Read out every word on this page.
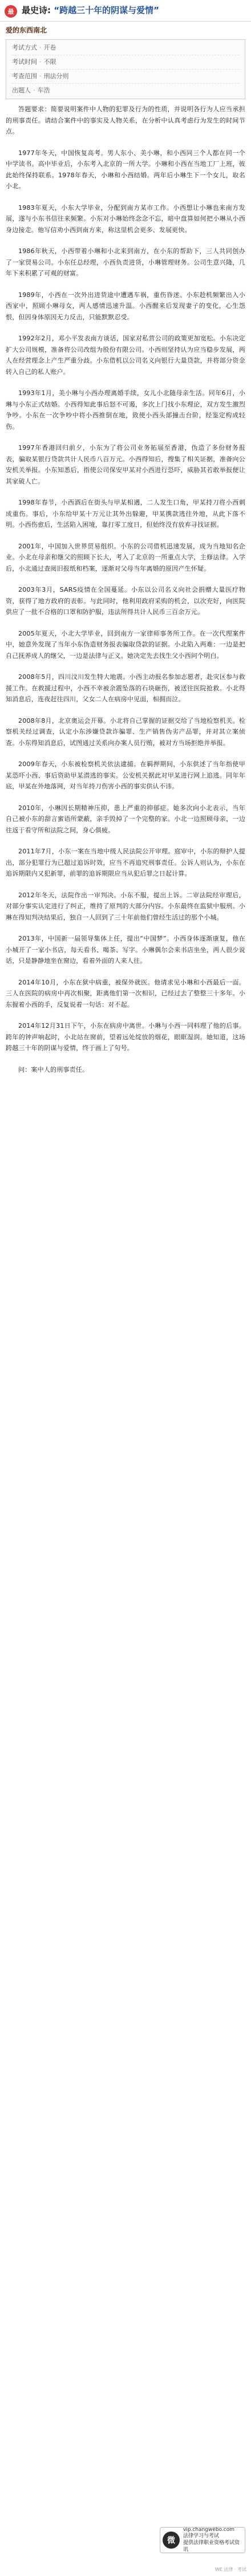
最 最史诗: “跨越三十年的阴谋与爱情”
爱的东西南北
考试方式 · 开卷
考试时间 · 不限
考查范围 · 刑法分则
出题人 · 车浩

答题要求：简要说明案件中人物的犯罪及行为的性质，并说明各行为人应当承担的刑事责任。请结合案件中的事实及人物关系，在分析中认真考虑行为发生的时间节点。

1977年冬天，中国恢复高考。男人东小、美小琳，和小西同三个人都在同一个中学读书。高中毕业后，小东考入北京的一所大学。小琳和小西在当地工厂上班，彼此始终保持联系。1978年春天，小琳和小西结婚。两年后小琳生下一个女儿，取名小北。

1983年夏天，小东大学毕业，分配到南方某市工作。小西想让小琳也来南方发展，遂与小东书信往来频繁。小东对小琳始终念念不忘，暗中盘算如何把小琳从小西身边接走。他写信劝小西到南方来，称这里机会更多、发展更快。

1986年秋天，小西带着小琳和小北来到南方，在小东的帮助下，三人共同创办了一家贸易公司。小东任总经理，小西负责进货，小琳管理财务。公司生意兴隆，几年下来积累了可观的财富。

1989年，小西在一次外出进货途中遭遇车祸，重伤昏迷。小东趁机频繁出入小西家中，照顾小琳母女，两人感情迅速升温。小西醒来后发现妻子的变化，心生怨恨，但因身体原因无力反击，只能默默忍受。

1992年2月，邓小平发表南方谈话，国家对私营公司的政策更加宽松。小东决定扩大公司规模，准备将公司改组为股份有限公司。小西则坚持认为应当稳步发展，两人在经营理念上产生严重分歧。小东借机以公司名义向银行大量贷款，并将部分资金转入自己的私人账户。

1993年1月，美小琳与小西办理离婚手续，女儿小北随母亲生活。同年6月，小琳与小东正式结婚。小西得知此事后怒不可遏，多次上门找小东理论，双方发生激烈争吵。小东在一次争吵中将小西推倒在地，致使小西头部撞击台阶，经鉴定构成轻伤。

1997年香港回归前夕，小东为了将公司业务拓展至香港，伪造了多份财务报表，骗取某银行贷款共计人民币八百万元。小西得知后，搜集了相关证据，准备向公安机关举报。小东知悉后，指使公司保安甲某对小西进行恐吓，威胁其若敢举报便让其家破人亡。

1998年春节，小西酒后在街头与甲某相遇，二人发生口角，甲某持刀将小西刺成重伤。事后，小东给甲某十万元让其外出躲避，甲某携款逃往外地，从此下落不明。小西伤愈后，生活陷入困境，靠打零工度日，但始终没有放弃寻找证据。

2001年，中国加入世界贸易组织。小东的公司借机迅速发展，成为当地知名企业。小北在母亲和继父的照顾下长大，考入了北京的一所重点大学，主修法律。入学后，小北通过查阅旧报纸和档案，逐渐对父母当年离婚的原因产生怀疑。

2003年3月，SARS疫情在全国蔓延。小东以公司名义向社会捐赠大量医疗物资，获得了地方政府的表彰。与此同时，他利用政府采购的机会，以次充好，向医院供应了一批不合格的口罩和防护服，违法所得共计人民币三百余万元。

2005年夏天，小北大学毕业，回到南方一家律师事务所工作。在一次代理案件中，她意外发现了当年小东伪造财务报表骗取贷款的证据。小北陷入两难：一边是把自己抚养成人的继父，一边是法律与正义。她决定先去找生父小西问个明白。

2008年5月，四川汶川发生特大地震。小西主动报名参加志愿者，赴灾区参与救援工作。在救援过程中，小西不幸被余震坠落的石块砸伤，被送往医院抢救。小北得知消息后，连夜赶往四川，父女二人在病房中见面，相拥而泣。

2008年8月，北京奥运会开幕。小北将自己掌握的证据交给了当地检察机关。检察机关经过调查，认定小东涉嫌贷款诈骗罪、生产销售伪劣产品罪，并对其立案侦查。小东得知消息后，试图通过关系向办案人员行贿，被对方当场拒绝并举报。

2009年春天，小东被检察机关依法逮捕。在羁押期间，小东供述了当年指使甲某恐吓小西、事后资助甲某潜逃的事实。公安机关据此对甲某进行网上追逃。同年年底，甲某在外地落网，对当年持刀伤害小西的事实供认不讳。

2010年，小琳因长期精神压抑，患上严重的抑郁症。她多次向小北表示，当年自己被小东的甜言蜜语所蒙蔽，亲手毁掉了一个完整的家。小北一边照顾母亲，一边往返于看守所和法院之间，身心俱疲。

2011年7月，小东一案在当地中级人民法院公开审理。庭审中，小东的辩护人提出，部分犯罪行为已超过追诉时效，应当不再追究刑事责任。公诉人则认为，小东在追诉期限内又犯新罪，前罪的追诉期限应当从犯后罪之日起计算。

2012年冬天，法院作出一审判决。小东不服，提出上诉。二审法院经审理后，对部分事实认定进行了纠正，维持了原判的大部分内容。小东最终在监狱中服刑。小琳在得知判决结果后，独自一人回到了三十年前他们曾经生活过的那个小城。

2013年，中国新一届领导集体上任，提出“中国梦”。小西身体逐渐康复，他在小城开了一家小书店，每天看书、喝茶、写字。小琳偶尔会来书店坐坐，两人很少说话，只是静静地坐在窗边，看着外面的人来人往。

2014年10月，小东在狱中病重，被保外就医。他请求见小琳和小西最后一面。三人在医院的病房中再次相聚，距离他们第一次相识，已经过去了整整三十多年。小东握着小西的手，反复说着一句话：对不起。

2014年12月31日下午，小东在病房中离世。小琳与小西一同料理了他的后事。跨年的钟声响起时，小北站在窗前，望着远处绽放的烟花，眼眶湿润。她知道，这场跨越三十年的阴谋与爱情，终于画上了句号。

问：案中人的刑事责任。

微
vip.changwebo.com
法律学习与考试
提供法律职业资格考试资讯
WE 法律 · 考试
